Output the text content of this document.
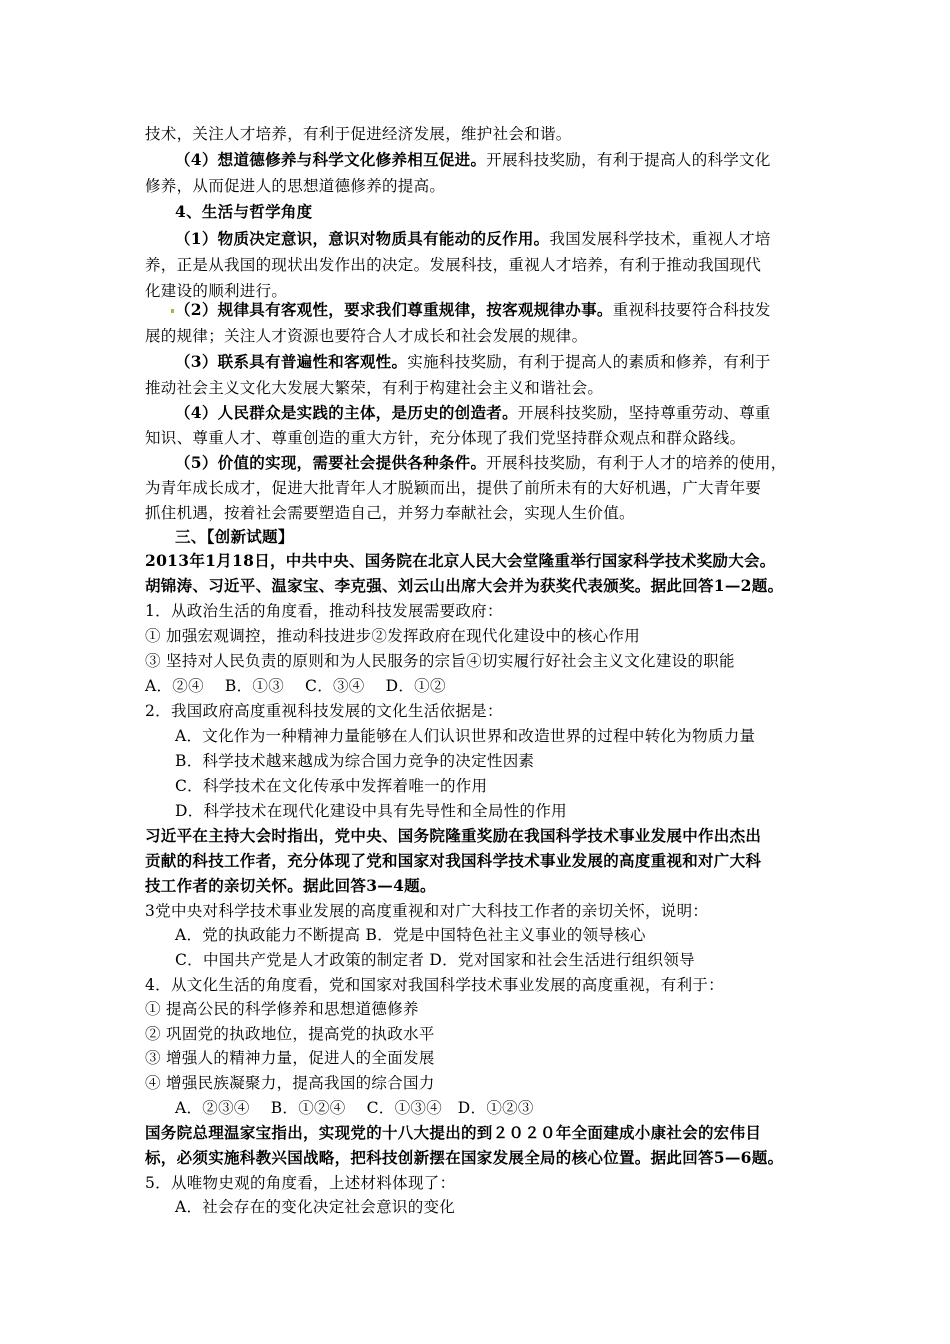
技术，关注人才培养，有利于促进经济发展，维护社会和谐。
（4）想道德修养与科学文化修养相互促进。开展科技奖励，有利于提高人的科学文化
修养，从而促进人的思想道德修养的提高。
4、生活与哲学角度
（1）物质决定意识，意识对物质具有能动的反作用。我国发展科学技术，重视人才培
养，正是从我国的现状出发作出的决定。发展科技，重视人才培养，有利于推动我国现代
化建设的顺利进行。
（2）规律具有客观性，要求我们尊重规律，按客观规律办事。重视科技要符合科技发
展的规律；关注人才资源也要符合人才成长和社会发展的规律。
（3）联系具有普遍性和客观性。实施科技奖励，有利于提高人的素质和修养，有利于
推动社会主义文化大发展大繁荣，有利于构建社会主义和谐社会。
（4）人民群众是实践的主体，是历史的创造者。开展科技奖励，坚持尊重劳动、尊重
知识、尊重人才、尊重创造的重大方针，充分体现了我们党坚持群众观点和群众路线。
（5）价值的实现，需要社会提供各种条件。开展科技奖励，有利于人才的培养的使用，
为青年成长成才，促进大批青年人才脱颖而出，提供了前所未有的大好机遇，广大青年要
抓住机遇，按着社会需要塑造自己，并努力奉献社会，实现人生价值。
三、【创新试题】
2013年1月18日，中共中央、国务院在北京人民大会堂隆重举行国家科学技术奖励大会。
胡锦涛、习近平、温家宝、李克强、刘云山出席大会并为获奖代表颁奖。据此回答1—2题。
1．从政治生活的角度看，推动科技发展需要政府：
① 加强宏观调控，推动科技进步②发挥政府在现代化建设中的核心作用
③ 坚持对人民负责的原则和为人民服务的宗旨④切实履行好社会主义文化建设的职能
A．②④　 B．①③　 C．③④　 D．①②
2．我国政府高度重视科技发展的文化生活依据是：
A．文化作为一种精神力量能够在人们认识世界和改造世界的过程中转化为物质力量
B．科学技术越来越成为综合国力竞争的决定性因素
C．科学技术在文化传承中发挥着唯一的作用
D．科学技术在现代化建设中具有先导性和全局性的作用
习近平在主持大会时指出，党中央、国务院隆重奖励在我国科学技术事业发展中作出杰出
贡献的科技工作者，充分体现了党和国家对我国科学技术事业发展的高度重视和对广大科
技工作者的亲切关怀。据此回答3—4题。
3党中央对科学技术事业发展的高度重视和对广大科技工作者的亲切关怀，说明：
A．党的执政能力不断提高 B．党是中国特色社主义事业的领导核心
C．中国共产党是人才政策的制定者 D．党对国家和社会生活进行组织领导
4．从文化生活的角度看，党和国家对我国科学技术事业发展的高度重视，有利于：
① 提高公民的科学修养和思想道德修养
② 巩固党的执政地位，提高党的执政水平
③ 增强人的精神力量，促进人的全面发展
④ 增强民族凝聚力，提高我国的综合国力
A．②③④　 B．①②④　 C．①③④　D．①②③
国务院总理温家宝指出，实现党的十八大提出的到２０２０年全面建成小康社会的宏伟目
标，必须实施科教兴国战略，把科技创新摆在国家发展全局的核心位置。据此回答5—6题。
5．从唯物史观的角度看，上述材料体现了：
A．社会存在的变化决定社会意识的变化
